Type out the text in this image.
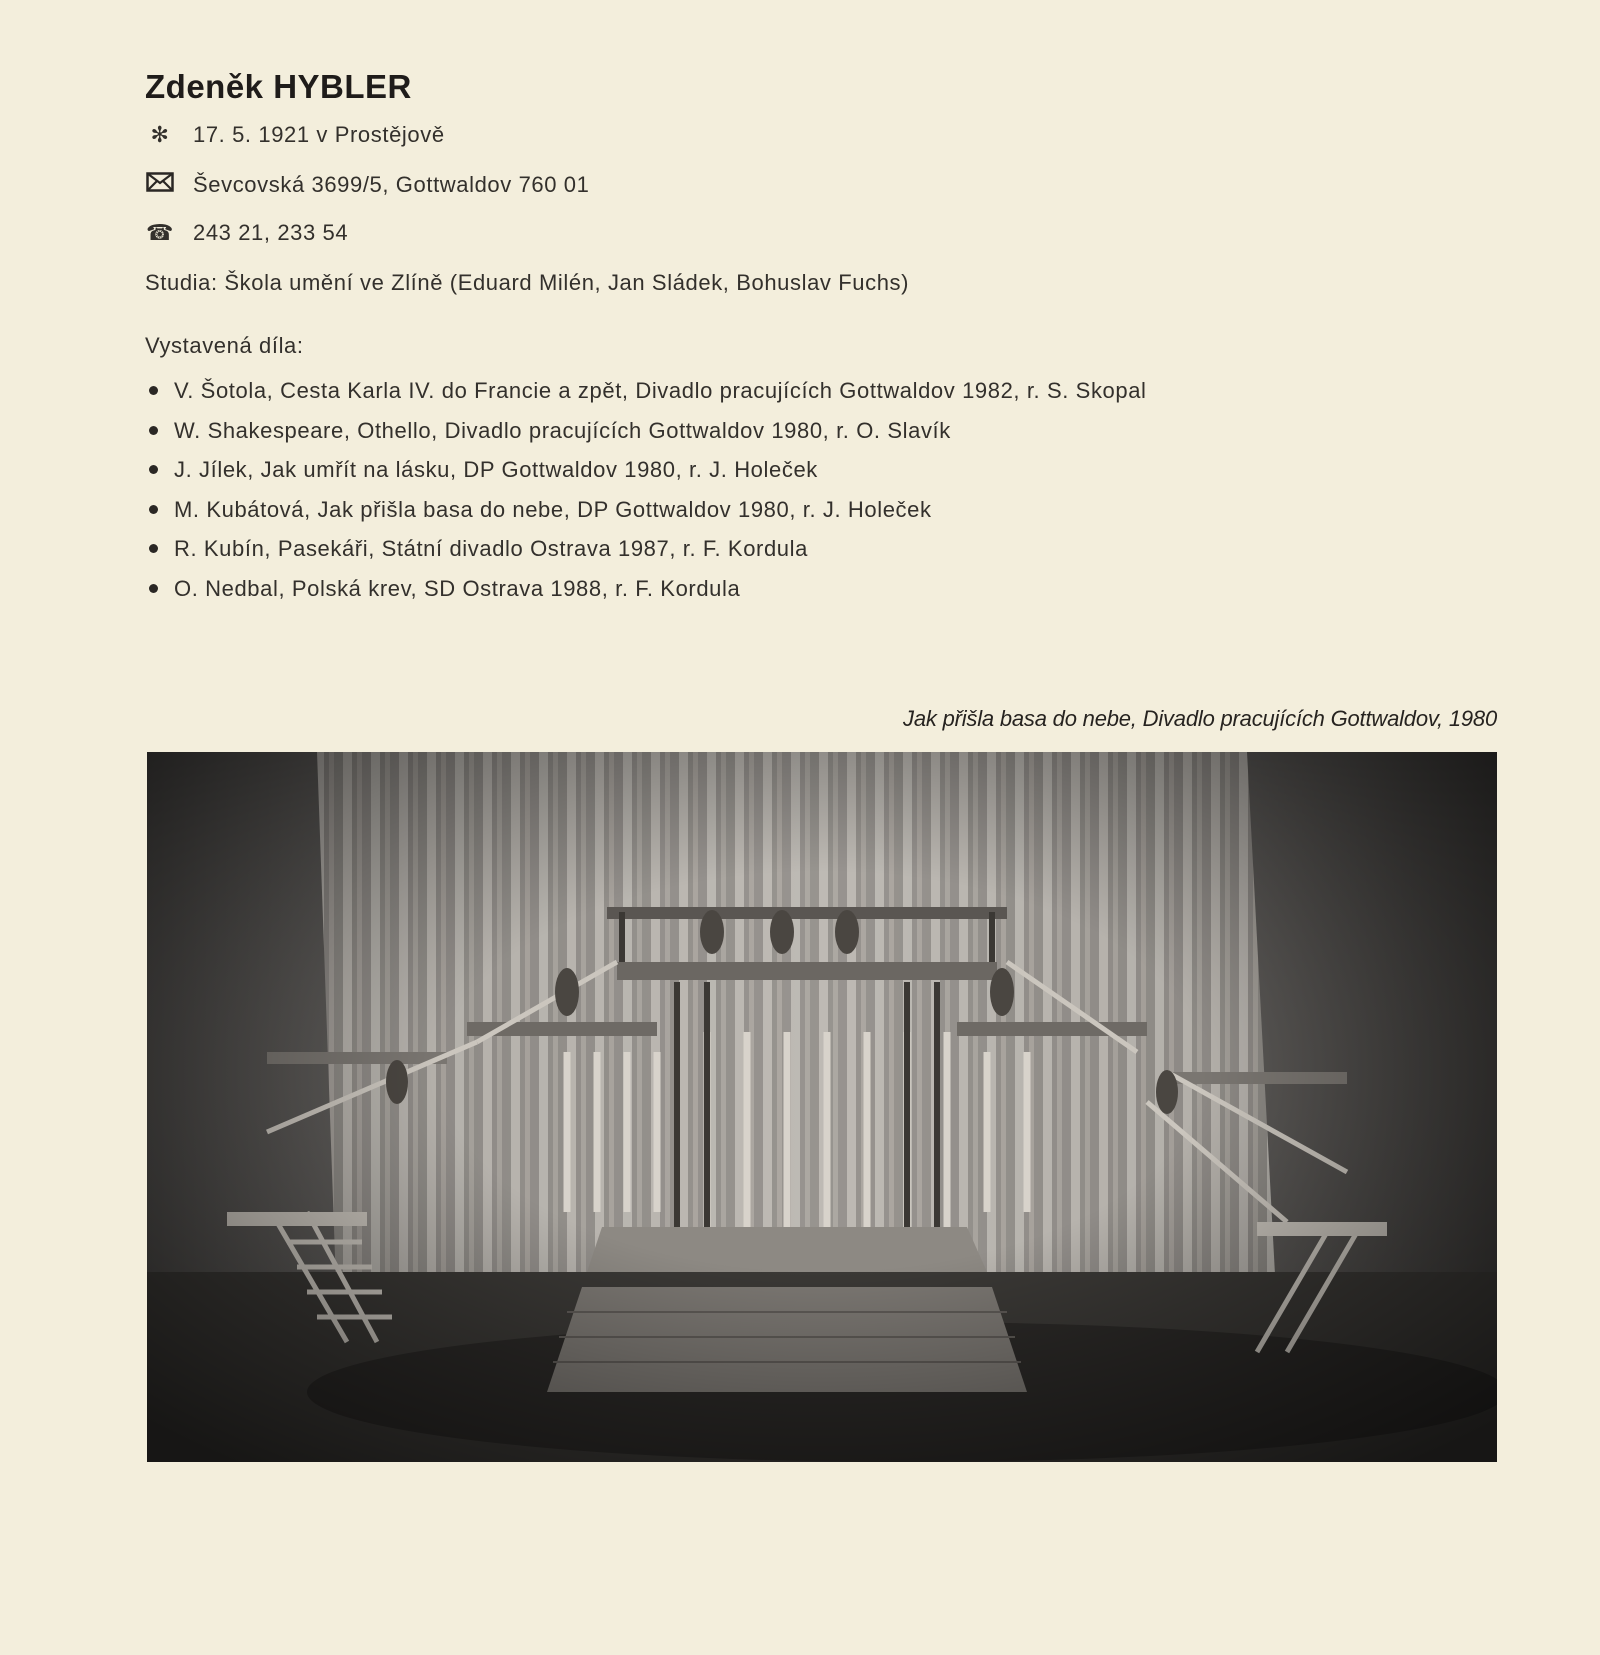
Zdeněk HYBLER
✻ 17. 5. 1921 v Prostějově
Ševcovská 3699/5, Gottwaldov 760 01
☎ 243 21, 233 54
Studia: Škola umění ve Zlíně (Eduard Milén, Jan Sládek, Bohuslav Fuchs)
Vystavená díla:
V. Šotola, Cesta Karla IV. do Francie a zpět, Divadlo pracujících Gottwaldov 1982, r. S. Skopal
W. Shakespeare, Othello, Divadlo pracujících Gottwaldov 1980, r. O. Slavík
J. Jílek, Jak umřít na lásku, DP Gottwaldov 1980, r. J. Holeček
M. Kubátová, Jak přišla basa do nebe, DP Gottwaldov 1980, r. J. Holeček
R. Kubín, Pasekáři, Státní divadlo Ostrava 1987, r. F. Kordula
O. Nedbal, Polská krev, SD Ostrava 1988, r. F. Kordula
Jak přišla basa do nebe, Divadlo pracujících Gottwaldov, 1980
